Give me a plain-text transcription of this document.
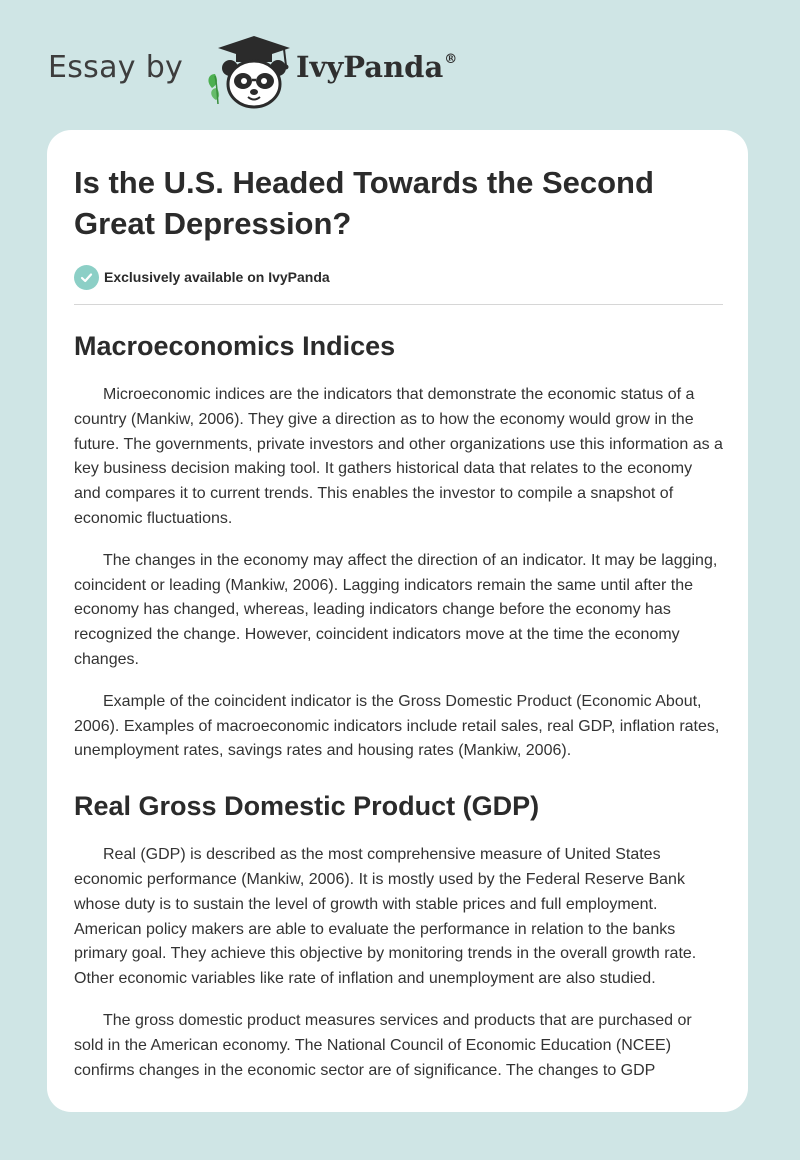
Essay by	IvyPanda®
Is the U.S. Headed Towards the Second Great Depression?
Exclusively available on IvyPanda
Macroeconomics Indices

Microeconomic indices are the indicators that demonstrate the economic status of a country (Mankiw, 2006). They give a direction as to how the economy would grow in the future. The governments, private investors and other organizations use this information as a key business decision making tool. It gathers historical data that relates to the economy and compares it to current trends. This enables the investor to compile a snapshot of economic fluctuations.

The changes in the economy may affect the direction of an indicator. It may be lagging, coincident or leading (Mankiw, 2006). Lagging indicators remain the same until after the economy has changed, whereas, leading indicators change before the economy has recognized the change. However, coincident indicators move at the time the economy changes.

Example of the coincident indicator is the Gross Domestic Product (Economic About, 2006). Examples of macroeconomic indicators include retail sales, real GDP, inflation rates, unemployment rates, savings rates and housing rates (Mankiw, 2006).

Real Gross Domestic Product (GDP)

Real (GDP) is described as the most comprehensive measure of United States economic performance (Mankiw, 2006). It is mostly used by the Federal Reserve Bank whose duty is to sustain the level of growth with stable prices and full employment. American policy makers are able to evaluate the performance in relation to the banks primary goal. They achieve this objective by monitoring trends in the overall growth rate. Other economic variables like rate of inflation and unemployment are also studied.

The gross domestic product measures services and products that are purchased or sold in the American economy. The National Council of Economic Education (NCEE) confirms changes in the economic sector are of significance. The changes to GDP
